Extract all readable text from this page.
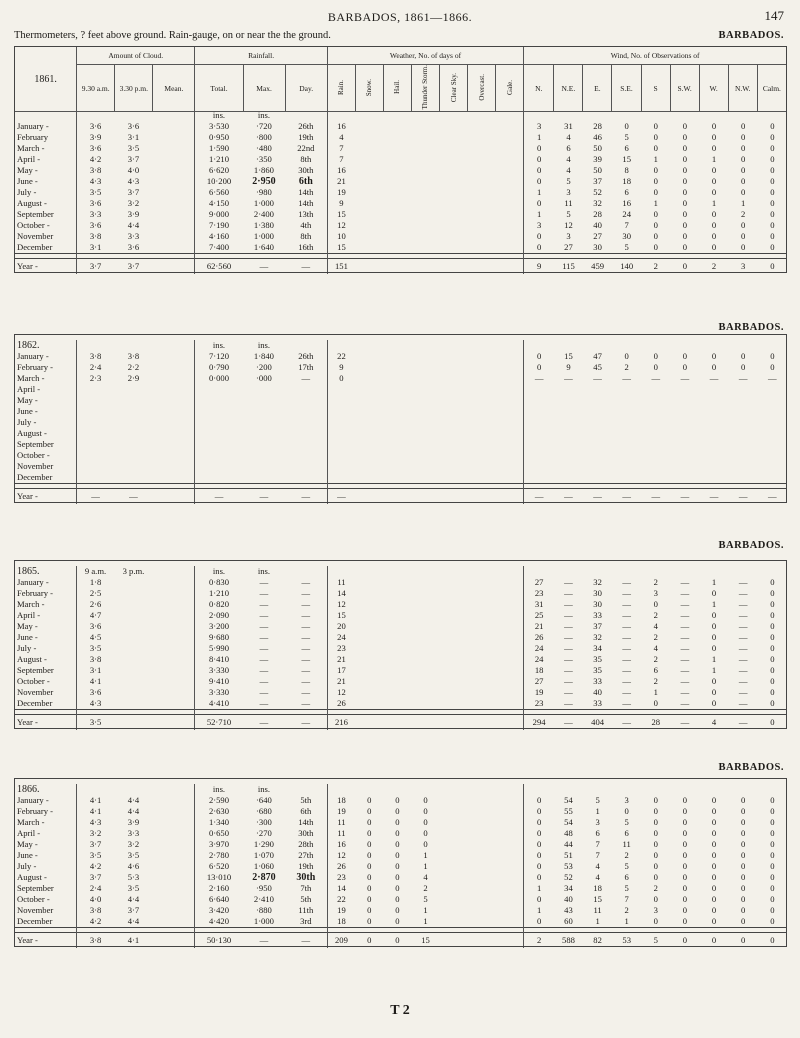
BARBADOS, 1861—1866.	147
Thermometers, ? feet above ground. Rain-gauge, on or near the the ground.	BARBADOS.
1861.	Amount of Cloud.			Rainfall.			Weather, No. of days of							Wind, No. of Observations of								
	9.30 a.m.	3.30 p.m.	Mean.	Total.	Max.	Day.	Rain.	Snow.	Hail.	Thunder Storm.	Clear Sky.	Overcast.	Gale.	N.	N.E.	E.	S.E.	S	S.W.	W.	N.W.	Calm.
BARBADOS.
BARBADOS.
BARBADOS.
				ins.	ins.																	
January -	3·6	3·6		3·530	·720	26th	16							3	31	28	0	0	0	0	0	0
February	3·9	3·1		0·950	·800	19th	4							1	4	46	5	0	0	0	0	0
March -	3·6	3·5		1·590	·480	22nd	7							0	6	50	6	0	0	0	0	0
April -	4·2	3·7		1·210	·350	8th	7							0	4	39	15	1	0	1	0	0
May -	3·8	4·0		6·620	1·860	30th	16							0	4	50	8	0	0	0	0	0
June -	4·3	4·3		10·200	2·950	6th	21							0	5	37	18	0	0	0	0	0
July -	3·5	3·7		6·560	·980	14th	19							1	3	52	6	0	0	0	0	0
August -	3·6	3·2		4·150	1·000	14th	9							0	11	32	16	1	0	1	1	0
September	3·3	3·9		9·000	2·400	13th	15							1	5	28	24	0	0	0	2	0
October -	3·6	4·4		7·190	1·380	4th	12							3	12	40	7	0	0	0	0	0
November	3·8	3·3		4·160	1·000	8th	10							0	3	27	30	0	0	0	0	0
December	3·1	3·6		7·400	1·640	16th	15							0	27	30	5	0	0	0	0	0

Year -	3·7	3·7		62·560	—	—	151							9	115	459	140	2	0	2	3	0
1862.				ins.	ins.																	
January -	3·8	3·8		7·120	1·840	26th	22							0	15	47	0	0	0	0	0	0
February -	2·4	2·2		0·790	·200	17th	9							0	9	45	2	0	0	0	0	0
March -	2·3	2·9		0·000	·000	—	0							—	—	—	—	—	—	—	—	—
April -																						
May -																						
June -																						
July -																						
August -																						
September																						
October -																						
November																						
December																						

Year -	—	—		—	—	—	—							—	—	—	—	—	—	—	—	—
1865.	9 a.m.	3 p.m.		ins.	ins.																	
January -	1·8			0·830	—	—	11							27	—	32	—	2	—	1	—	0
February -	2·5			1·210	—	—	14							23	—	30	—	3	—	0	—	0
March -	2·6			0·820	—	—	12							31	—	30	—	0	—	1	—	0
April -	4·7			2·090	—	—	15							25	—	33	—	2	—	0	—	0
May -	3·6			3·200	—	—	20							21	—	37	—	4	—	0	—	0
June -	4·5			9·680	—	—	24							26	—	32	—	2	—	0	—	0
July -	3·5			5·990	—	—	23							24	—	34	—	4	—	0	—	0
August -	3·8			8·410	—	—	21							24	—	35	—	2	—	1	—	0
September	3·1			3·330	—	—	17							18	—	35	—	6	—	1	—	0
October -	4·1			9·410	—	—	21							27	—	33	—	2	—	0	—	0
November	3·6			3·330	—	—	12							19	—	40	—	1	—	0	—	0
December	4·3			4·410	—	—	26							23	—	33	—	0	—	0	—	0

Year -	3·5			52·710	—	—	216							294	—	404	—	28	—	4	—	0
1866.				ins.	ins.																	
January -	4·1	4·4		2·590	·640	5th	18	0	0	0				0	54	5	3	0	0	0	0	0
February -	4·1	4·4		2·630	·680	6th	19	0	0	0				0	55	1	0	0	0	0	0	0
March -	4·3	3·9		1·340	·300	14th	11	0	0	0				0	54	3	5	0	0	0	0	0
April -	3·2	3·3		0·650	·270	30th	11	0	0	0				0	48	6	6	0	0	0	0	0
May -	3·7	3·2		3·970	1·290	28th	16	0	0	0				0	44	7	11	0	0	0	0	0
June -	3·5	3·5		2·780	1·070	27th	12	0	0	1				0	51	7	2	0	0	0	0	0
July -	4·2	4·6		6·520	1·060	19th	26	0	0	1				0	53	4	5	0	0	0	0	0
August -	3·7	5·3		13·010	2·870	30th	23	0	0	4				0	52	4	6	0	0	0	0	0
September	2·4	3·5		2·160	·950	7th	14	0	0	2				1	34	18	5	2	0	0	0	0
October -	4·0	4·4		6·640	2·410	5th	22	0	0	5				0	40	15	7	0	0	0	0	0
November	3·8	3·7		3·420	·880	11th	19	0	0	1				1	43	11	2	3	0	0	0	0
December	4·2	4·4		4·420	1·000	3rd	18	0	0	1				0	60	1	1	0	0	0	0	0

Year -	3·8	4·1		50·130	—	—	209	0	0	15				2	588	82	53	5	0	0	0	0
T 2
